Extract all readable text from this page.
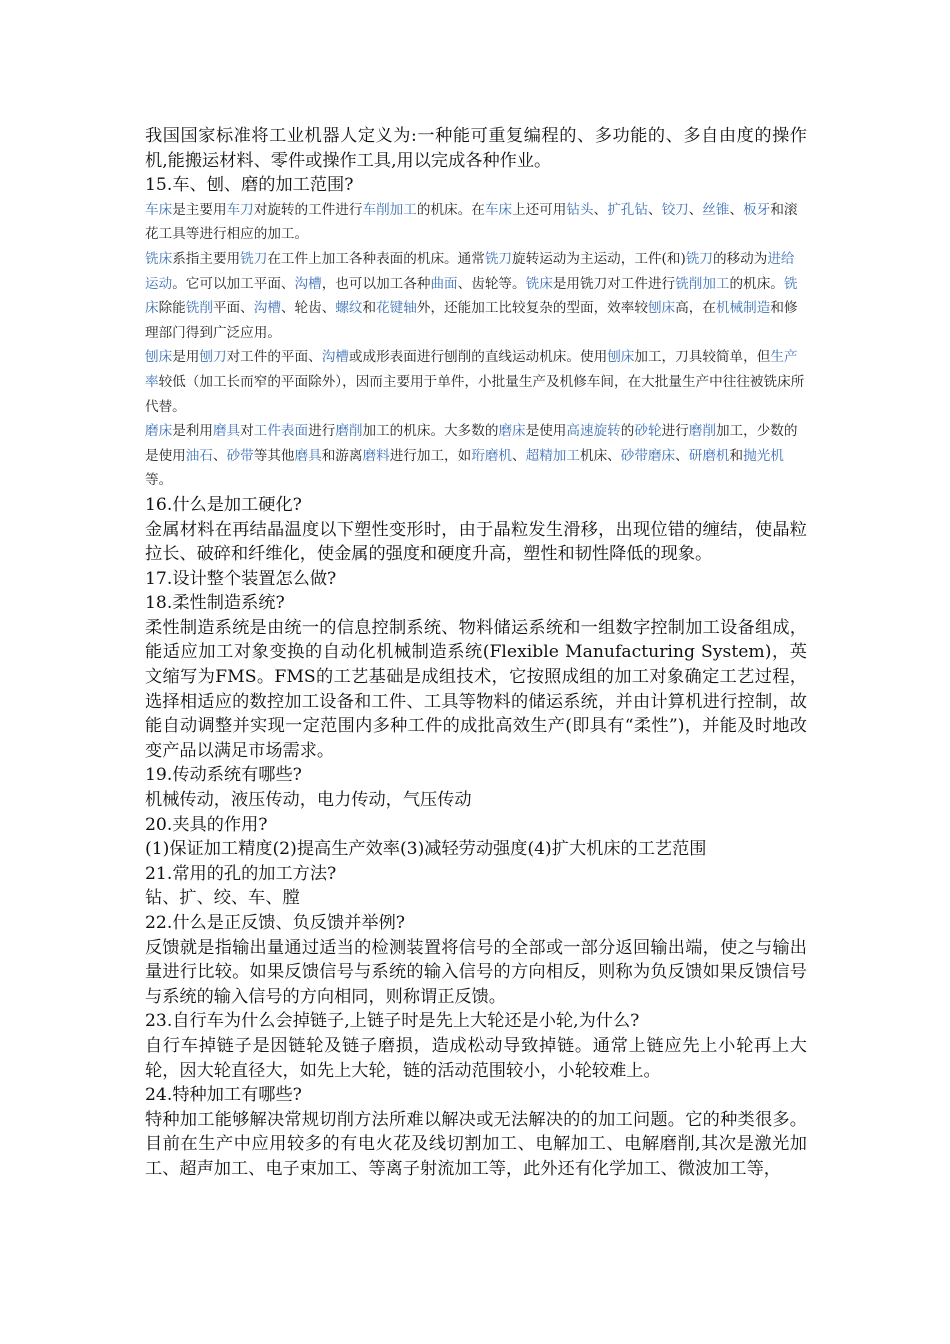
我国国家标准将工业机器人定义为:一种能可重复编程的、多功能的、多自由度的操作机,能搬运材料、零件或操作工具,用以完成各种作业。

15.车、刨、磨的加工范围?

车床是主要用车刀对旋转的工件进行车削加工的机床。在车床上还可用钻头、扩孔钻、铰刀、丝锥、板牙和滚花工具等进行相应的加工。

铣床系指主要用铣刀在工件上加工各种表面的机床。通常铣刀旋转运动为主运动，工件(和)铣刀的移动为进给运动。它可以加工平面、沟槽，也可以加工各种曲面、齿轮等。铣床是用铣刀对工件进行铣削加工的机床。铣床除能铣削平面、沟槽、轮齿、螺纹和花键轴外，还能加工比较复杂的型面，效率较刨床高，在机械制造和修理部门得到广泛应用。

刨床是用刨刀对工件的平面、沟槽或成形表面进行刨削的直线运动机床。使用刨床加工，刀具较简单，但生产率较低（加工长而窄的平面除外），因而主要用于单件，小批量生产及机修车间，在大批量生产中往往被铣床所代替。

磨床是利用磨具对工件表面进行磨削加工的机床。大多数的磨床是使用高速旋转的砂轮进行磨削加工，少数的是使用油石、砂带等其他磨具和游离磨料进行加工，如珩磨机、超精加工机床、砂带磨床、研磨机和抛光机等。

16.什么是加工硬化?

金属材料在再结晶温度以下塑性变形时，由于晶粒发生滑移，出现位错的缠结，使晶粒拉长、破碎和纤维化，使金属的强度和硬度升高，塑性和韧性降低的现象。

17.设计整个装置怎么做?

18.柔性制造系统?

柔性制造系统是由统一的信息控制系统、物料储运系统和一组数字控制加工设备组成，能适应加工对象变换的自动化机械制造系统(Flexible Manufacturing System)，英文缩写为FMS。FMS的工艺基础是成组技术，它按照成组的加工对象确定工艺过程，选择相适应的数控加工设备和工件、工具等物料的储运系统，并由计算机进行控制，故能自动调整并实现一定范围内多种工件的成批高效生产(即具有“柔性”)，并能及时地改变产品以满足市场需求。

19.传动系统有哪些?

机械传动，液压传动，电力传动，气压传动

20.夹具的作用?

(1)保证加工精度(2)提高生产效率(3)减轻劳动强度(4)扩大机床的工艺范围

21.常用的孔的加工方法?

钻、扩、绞、车、膛

22.什么是正反馈、负反馈并举例?

反馈就是指输出量通过适当的检测装置将信号的全部或一部分返回输出端，使之与输出量进行比较。如果反馈信号与系统的输入信号的方向相反，则称为负反馈如果反馈信号与系统的输入信号的方向相同，则称谓正反馈。

23.自行车为什么会掉链子,上链子时是先上大轮还是小轮,为什么?

自行车掉链子是因链轮及链子磨损，造成松动导致掉链。通常上链应先上小轮再上大轮，因大轮直径大，如先上大轮，链的活动范围较小，小轮较难上。

24.特种加工有哪些?

特种加工能够解决常规切削方法所难以解决或无法解决的的加工问题。它的种类很多。目前在生产中应用较多的有电火花及线切割加工、电解加工、电解磨削,其次是激光加工、超声加工、电子束加工、等离子射流加工等，此外还有化学加工、微波加工等，
